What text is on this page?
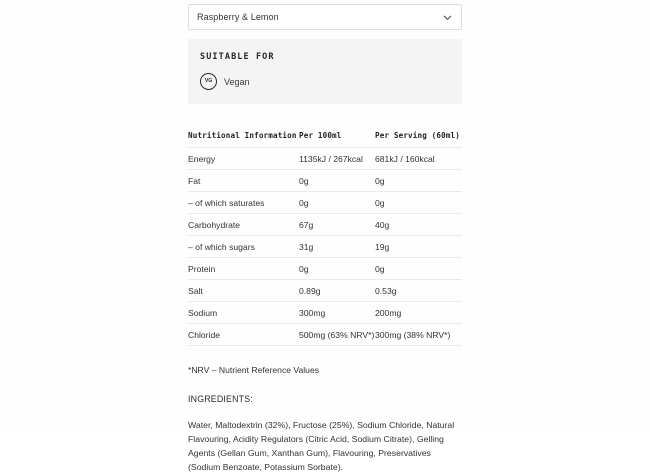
Raspberry & Lemon
SUITABLE FOR
VG	Vegan
Nutritional Information	Per 100ml	Per Serving (60ml)
Energy	1135kJ / 267kcal	681kJ / 160kcal
Fat	0g	0g
– of which saturates	0g	0g
Carbohydrate	67g	40g
– of which sugars	31g	19g
Protein	0g	0g
Salt	0.89g	0.53g
Sodium	300mg	200mg
Chloride	500mg (63% NRV*)	300mg (38% NRV*)
*NRV – Nutrient Reference Values
INGREDIENTS:
Water, Maltodextrin (32%), Fructose (25%), Sodium Chloride, Natural Flavouring, Acidity Regulators (Citric Acid, Sodium Citrate), Gelling Agents (Gellan Gum, Xanthan Gum), Flavouring, Preservatives (Sodium Benzoate, Potassium Sorbate).
